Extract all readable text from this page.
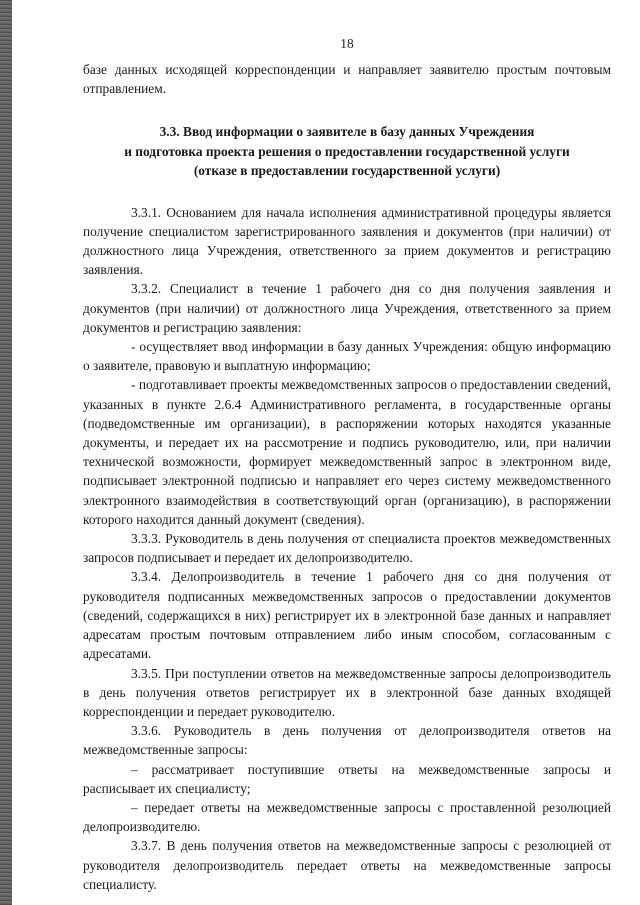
18

базе данных исходящей корреспонденции и направляет заявителю простым почтовым отправлением.

3.3. Ввод информации о заявителе в базу данных Учреждения
и подготовка проекта решения о предоставлении государственной услуги
(отказе в предоставлении государственной услуги)

3.3.1. Основанием для начала исполнения административной процедуры является получение специалистом зарегистрированного заявления и документов (при наличии) от должностного лица Учреждения, ответственного за прием документов и регистрацию заявления.

3.3.2. Специалист в течение 1 рабочего дня со дня получения заявления и документов (при наличии) от должностного лица Учреждения, ответственного за прием документов и регистрацию заявления:

- осуществляет ввод информации в базу данных Учреждения: общую информацию о заявителе, правовую и выплатную информацию;

- подготавливает проекты межведомственных запросов о предоставлении сведений, указанных в пункте 2.6.4 Административного регламента, в государственные органы (подведомственные им организации), в распоряжении которых находятся указанные документы, и передает их на рассмотрение и подпись руководителю, или, при наличии технической возможности, формирует межведомственный запрос в электронном виде, подписывает электронной подписью и направляет его через систему межведомственного электронного взаимодействия в соответствующий орган (организацию), в распоряжении которого находится данный документ (сведения).

3.3.3. Руководитель в день получения от специалиста проектов межведомственных запросов подписывает и передает их делопроизводителю.

3.3.4. Делопроизводитель в течение 1 рабочего дня со дня получения от руководителя подписанных межведомственных запросов о предоставлении документов (сведений, содержащихся в них) регистрирует их в электронной базе данных и направляет адресатам простым почтовым отправлением либо иным способом, согласованным с адресатами.

3.3.5. При поступлении ответов на межведомственные запросы делопроизводитель в день получения ответов регистрирует их в электронной базе данных входящей корреспонденции и передает руководителю.

3.3.6. Руководитель в день получения от делопроизводителя ответов на межведомственные запросы:

– рассматривает поступившие ответы на межведомственные запросы и расписывает их специалисту;

– передает ответы на межведомственные запросы с проставленной резолюцией делопроизводителю.

3.3.7. В день получения ответов на межведомственные запросы с резолюцией от руководителя делопроизводитель передает ответы на межведомственные запросы специалисту.
